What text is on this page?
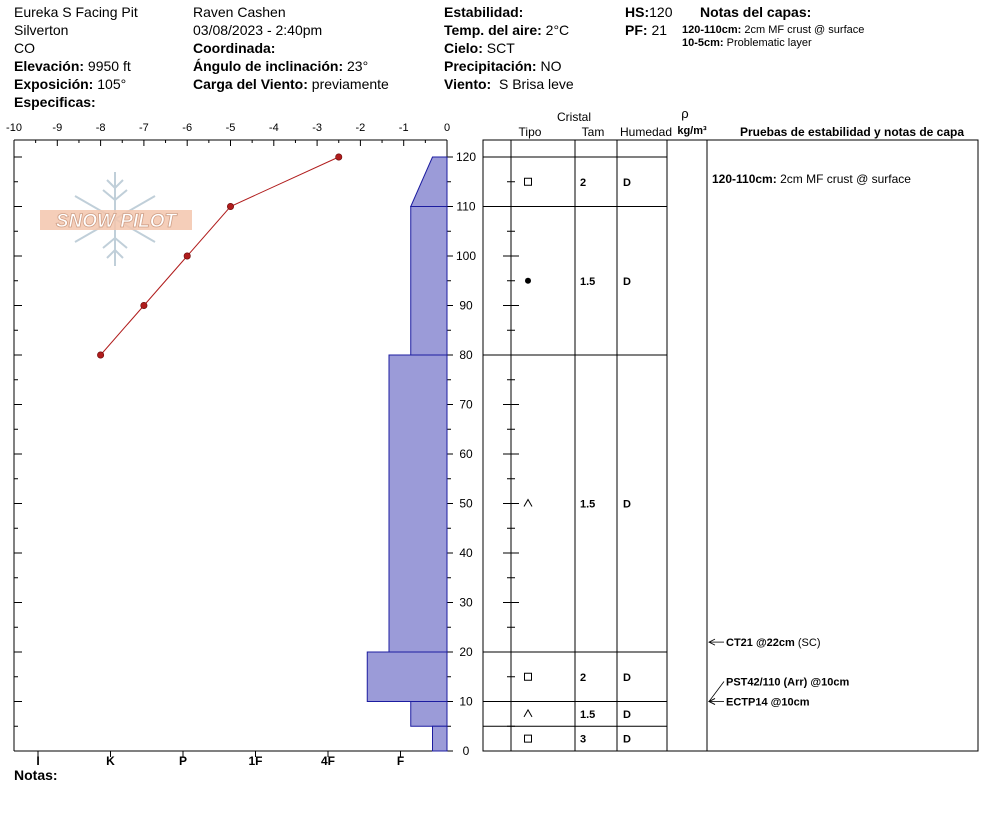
Eureka S Facing Pit
Silverton
CO
Elevación: 9950 ft
Exposición: 105°
Especificas:
Raven Cashen
03/08/2023 - 2:40pm
Coordinada:
Ángulo de inclinación: 23°
Carga del Viento: previamente
Estabilidad:
Temp. del aire: 2°C
Cielo: SCT
Precipitación: NO
Viento: S Brisa leve
HS:120
PF: 21
Notas del capas:
120-110cm: 2cm MF crust @ surface
10-5cm: Problematic layer
Notas:
SNOW PILOT
-10	-9	-8	-7	-6	-5	-4	-3	-2	-1	0
120
110
100
90
80
70
60
50
40
30
20
10
0
I	K	P	1F	4F	F
Cristal
Tipo	Tam Humedad
ρ
kg/m³	Pruebas de estabilidad y notas de capa
2	D
1.5	D
1.5	D
2	D
1.5	D
3	D
120-110cm: 2cm MF crust @ surface
CT21 @22cm (SC)
ECTP14 @10cm
PST42/110 (Arr) @10cm
